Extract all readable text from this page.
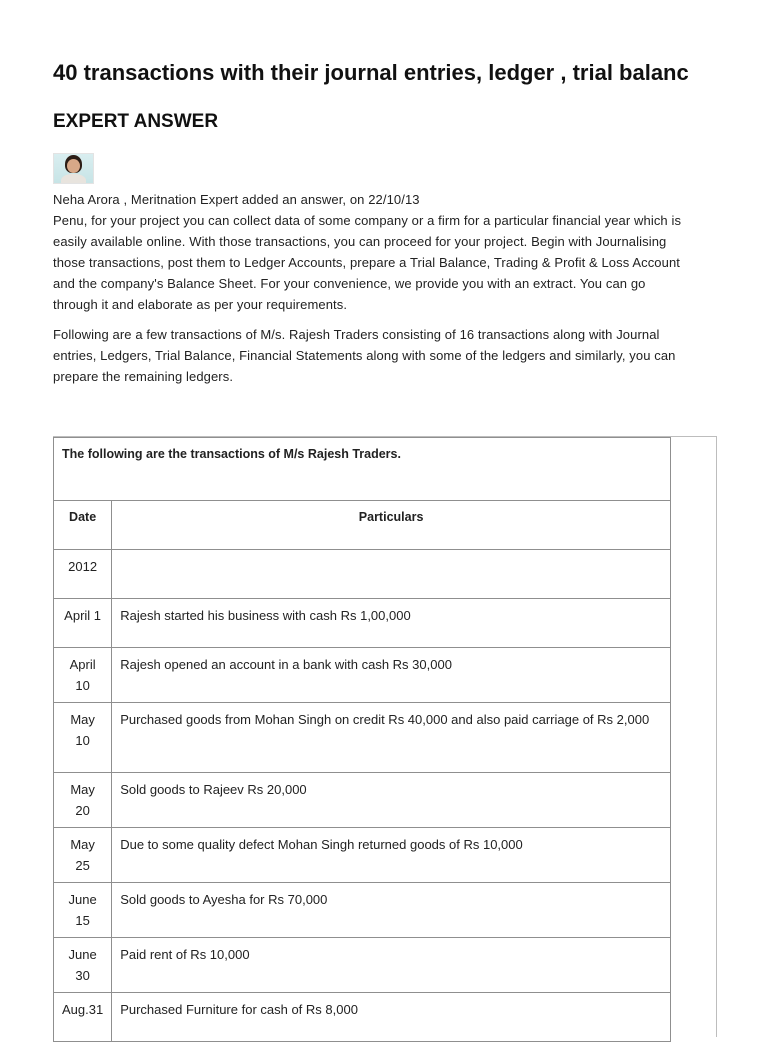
40 transactions with their journal entries, ledger , trial balanc
EXPERT ANSWER
Neha Arora , Meritnation Expert added an answer, on 22/10/13
Penu, for your project you can collect data of some company or a firm for a particular financial year which is
easily available online. With those transactions, you can proceed for your project. Begin with Journalising
those transactions, post them to Ledger Accounts, prepare a Trial Balance, Trading & Profit & Loss Account
and the company's Balance Sheet. For your convenience, we provide you with an extract. You can go
through it and elaborate as per your requirements.
Following are a few transactions of M/s. Rajesh Traders consisting of 16 transactions along with Journal
entries, Ledgers, Trial Balance, Financial Statements along with some of the ledgers and similarly, you can
prepare the remaining ledgers.
The following are the transactions of M/s Rajesh Traders.	
Date	Particulars
2012	
April 1	Rajesh started his business with cash Rs 1,00,000
April 10	Rajesh opened an account in a bank with cash Rs 30,000
May 10	Purchased goods from Mohan Singh on credit Rs 40,000 and also paid carriage of Rs 2,000
May 20	Sold goods to Rajeev Rs 20,000
May 25	Due to some quality defect Mohan Singh returned goods of Rs 10,000
June 15	Sold goods to Ayesha for Rs 70,000
June 30	Paid rent of Rs 10,000
Aug.31	Purchased Furniture for cash of Rs 8,000
